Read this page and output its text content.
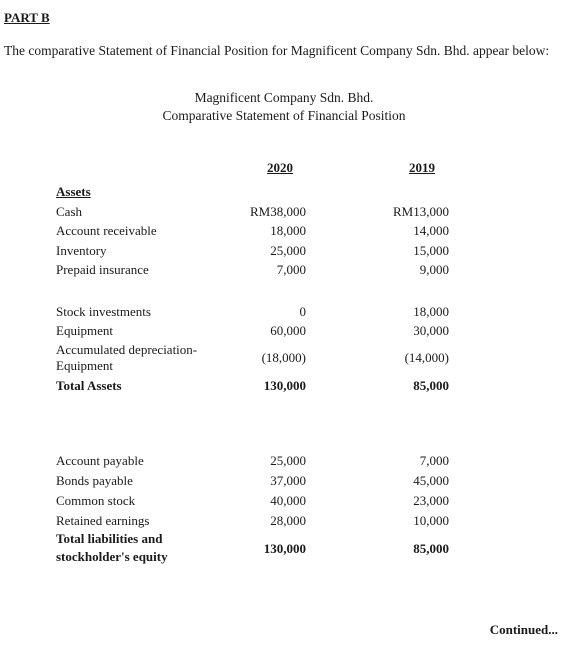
PART B
The comparative Statement of Financial Position for Magnificent Company Sdn. Bhd. appear below:
Magnificent Company Sdn. Bhd.
Comparative Statement of Financial Position
2020	2019
Assets
Cash	RM38,000	RM13,000
Account receivable	18,000	14,000
Inventory	25,000	15,000
Prepaid insurance	7,000	9,000
Stock investments	0	18,000
Equipment	60,000	30,000
Accumulated depreciation-
Equipment
(18,000)	(14,000)
Total Assets	130,000	85,000
Account payable	25,000	7,000
Bonds payable	37,000	45,000
Common stock	40,000	23,000
Retained earnings	28,000	10,000
Total liabilities and
stockholder's equity
130,000	85,000
Continued...
